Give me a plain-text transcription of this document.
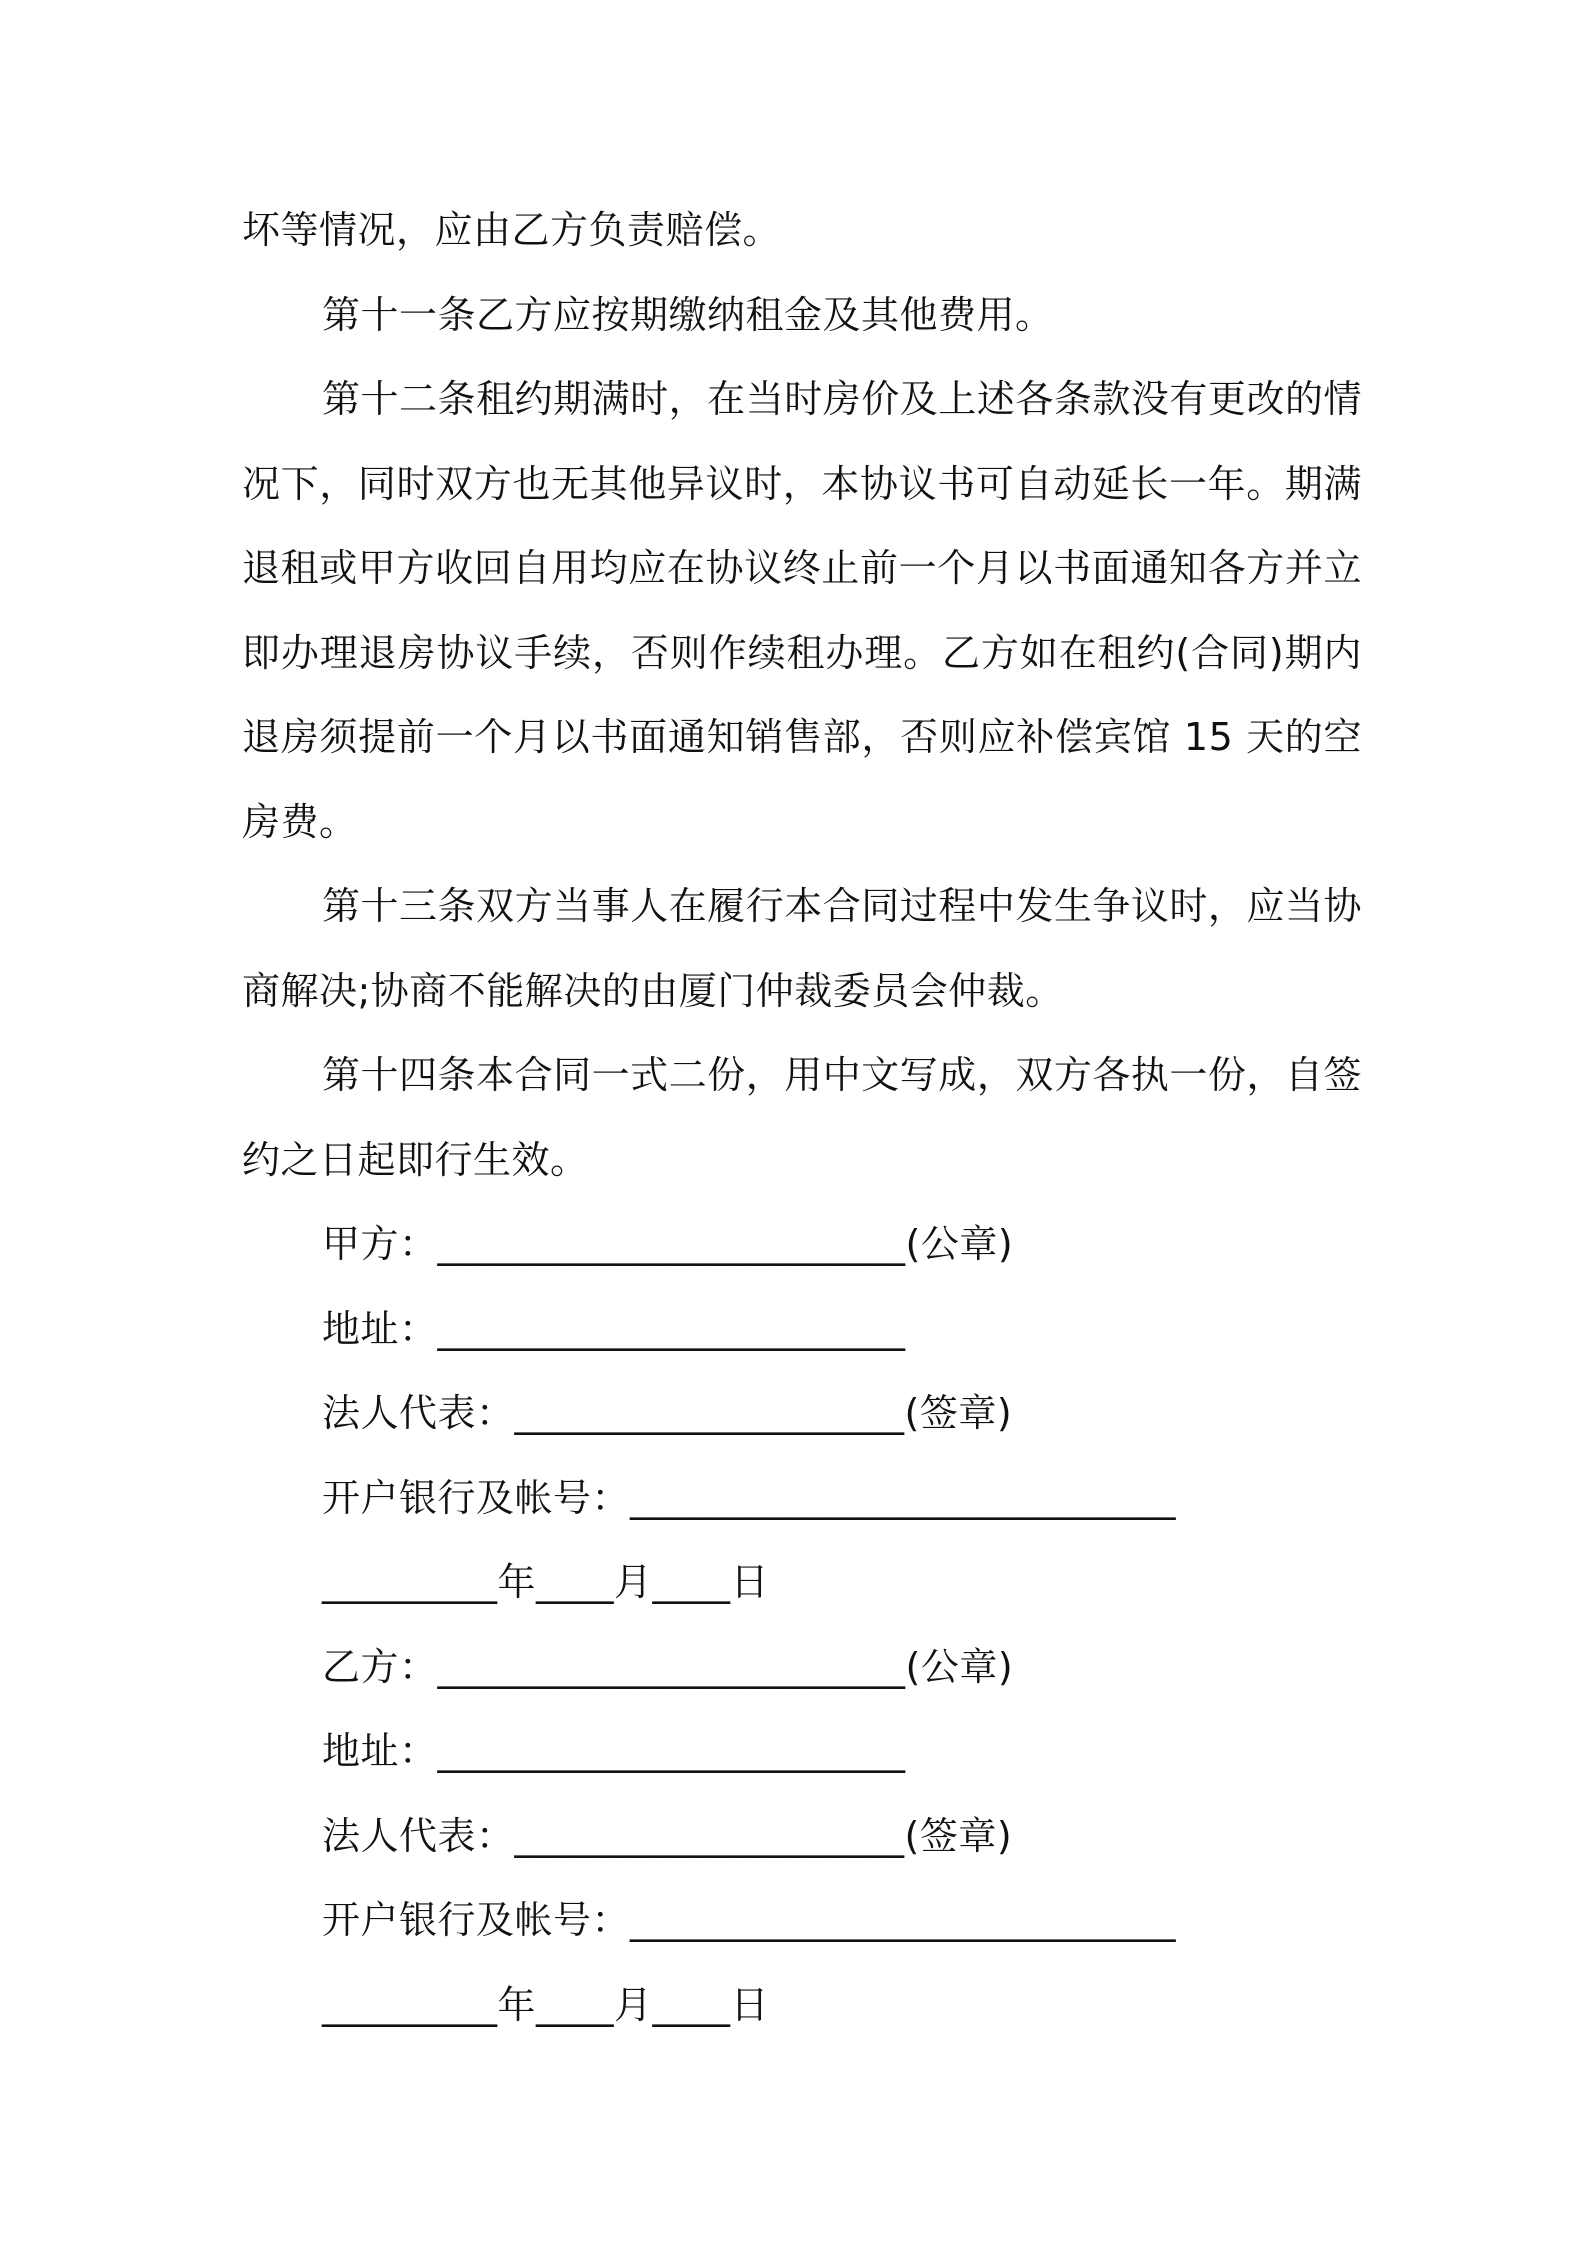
坏等情况，应由乙方负责赔偿。

第十一条乙方应按期缴纳租金及其他费用。

第十二条租约期满时，在当时房价及上述各条款没有更改的情况下，同时双方也无其他异议时，本协议书可自动延长一年。期满退租或甲方收回自用均应在协议终止前一个月以书面通知各方并立即办理退房协议手续，否则作续租办理。乙方如在租约(合同)期内退房须提前一个月以书面通知销售部，否则应补偿宾馆 15 天的空房费。

第十三条双方当事人在履行本合同过程中发生争议时，应当协商解决;协商不能解决的由厦门仲裁委员会仲裁。

第十四条本合同一式二份，用中文写成，双方各执一份，自签约之日起即行生效。

甲方：________________________(公章)

地址：________________________

法人代表：____________________(签章)

开户银行及帐号：____________________________

_________年____月____日

乙方：________________________(公章)

地址：________________________

法人代表：____________________(签章)

开户银行及帐号：____________________________

_________年____月____日
